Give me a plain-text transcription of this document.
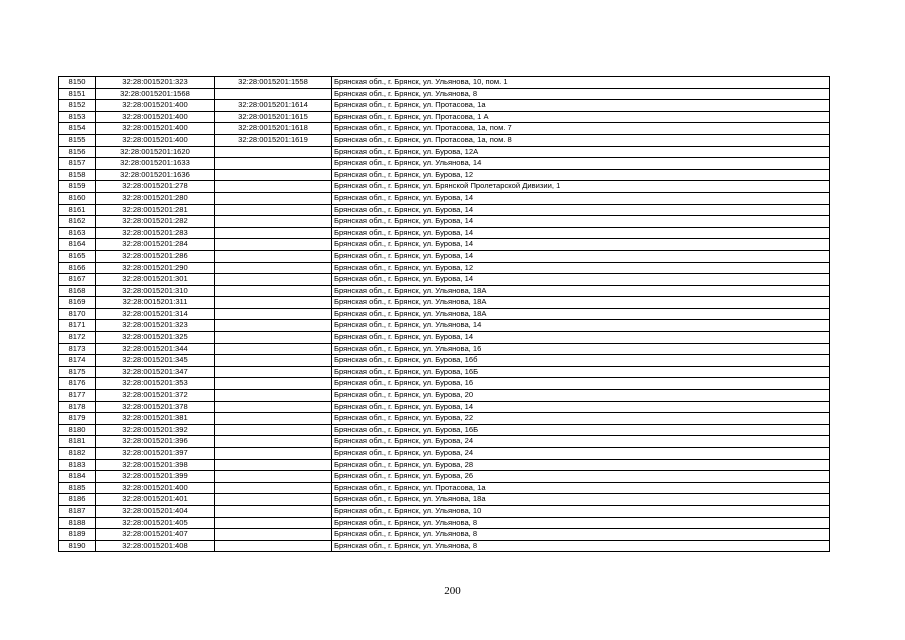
8150	32:28:0015201:323	32:28:0015201:1558	Брянская обл., г. Брянск, ул. Ульянова, 10, пом. 1
8151	32:28:0015201:1568		Брянская обл., г. Брянск, ул. Ульянова, 8
8152	32:28:0015201:400	32:28:0015201:1614	Брянская обл., г. Брянск, ул. Протасова, 1а
8153	32:28:0015201:400	32:28:0015201:1615	Брянская обл., г. Брянск, ул. Протасова, 1 А
8154	32:28:0015201:400	32:28:0015201:1618	Брянская обл., г. Брянск, ул. Протасова, 1а, пом. 7
8155	32:28:0015201:400	32:28:0015201:1619	Брянская обл., г. Брянск, ул. Протасова, 1а, пом. 8
8156	32:28:0015201:1620		Брянская обл., г. Брянск, ул. Бурова, 12А
8157	32:28:0015201:1633		Брянская обл., г. Брянск, ул. Ульянова, 14
8158	32:28:0015201:1636		Брянская обл., г. Брянск, ул. Бурова, 12
8159	32:28:0015201:278		Брянская обл., г. Брянск, ул. Брянской Пролетарской Дивизии, 1
8160	32:28:0015201:280		Брянская обл., г. Брянск, ул. Бурова, 14
8161	32:28:0015201:281		Брянская обл., г. Брянск, ул. Бурова, 14
8162	32:28:0015201:282		Брянская обл., г. Брянск, ул. Бурова, 14
8163	32:28:0015201:283		Брянская обл., г. Брянск, ул. Бурова, 14
8164	32:28:0015201:284		Брянская обл., г. Брянск, ул. Бурова, 14
8165	32:28:0015201:286		Брянская обл., г. Брянск, ул. Бурова, 14
8166	32:28:0015201:290		Брянская обл., г. Брянск, ул. Бурова, 12
8167	32:28:0015201:301		Брянская обл., г. Брянск, ул. Бурова, 14
8168	32:28:0015201:310		Брянская обл., г. Брянск, ул. Ульянова, 18А
8169	32:28:0015201:311		Брянская обл., г. Брянск, ул. Ульянова, 18А
8170	32:28:0015201:314		Брянская обл., г. Брянск, ул. Ульянова, 18А
8171	32:28:0015201:323		Брянская обл., г. Брянск, ул. Ульянова, 14
8172	32:28:0015201:325		Брянская обл., г. Брянск, ул. Бурова, 14
8173	32:28:0015201:344		Брянская обл., г. Брянск, ул. Ульянова, 16
8174	32:28:0015201:345		Брянская обл., г. Брянск, ул. Бурова, 16б
8175	32:28:0015201:347		Брянская обл., г. Брянск, ул. Бурова, 16Б
8176	32:28:0015201:353		Брянская обл., г. Брянск, ул. Бурова, 16
8177	32:28:0015201:372		Брянская обл., г. Брянск, ул. Бурова, 20
8178	32:28:0015201:378		Брянская обл., г. Брянск, ул. Бурова, 14
8179	32:28:0015201:381		Брянская обл., г. Брянск, ул. Бурова, 22
8180	32:28:0015201:392		Брянская обл., г. Брянск, ул. Бурова, 16Б
8181	32:28:0015201:396		Брянская обл., г. Брянск, ул. Бурова, 24
8182	32:28:0015201:397		Брянская обл., г. Брянск, ул. Бурова, 24
8183	32:28:0015201:398		Брянская обл., г. Брянск, ул. Бурова, 28
8184	32:28:0015201:399		Брянская обл., г. Брянск, ул. Бурова, 26
8185	32:28:0015201:400		Брянская обл., г. Брянск, ул. Протасова, 1а
8186	32:28:0015201:401		Брянская обл., г. Брянск, ул. Ульянова, 18а
8187	32:28:0015201:404		Брянская обл., г. Брянск, ул. Ульянова, 10
8188	32:28:0015201:405		Брянская обл., г. Брянск, ул. Ульянова, 8
8189	32:28:0015201:407		Брянская обл., г. Брянск, ул. Ульянова, 8
8190	32:28:0015201:408		Брянская обл., г. Брянск, ул. Ульянова, 8
200
